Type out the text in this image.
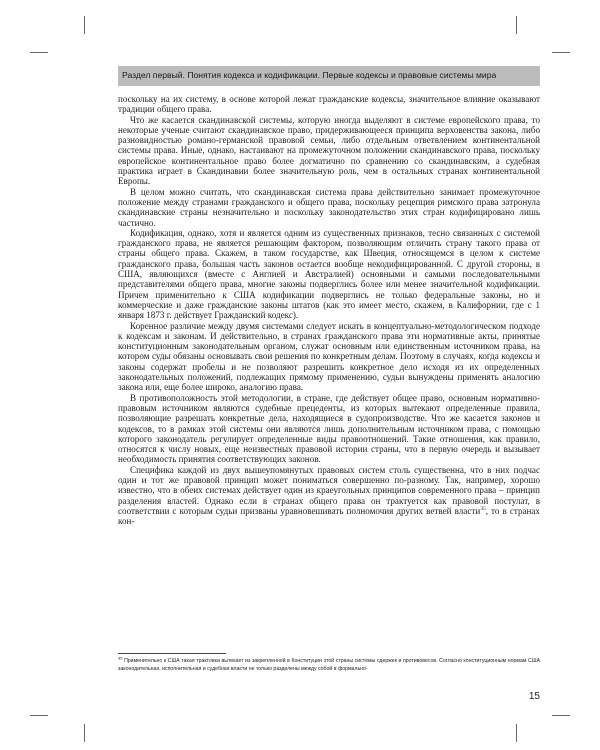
Раздел первый. Понятия кодекса и кодификации. Первые кодексы и правовые системы мира

поскольку на их систему, в основе которой лежат гражданские кодексы, значительное влияние оказывают традиции общего права.

Что же касается скандинавской системы, которую иногда выделяют в системе европейского права, то некоторые ученые считают скандинавское право, придерживающееся принципа верховенства закона, либо разновидностью романо-германской правовой семьи, либо отдельным ответвлением континентальной системы права. Иные, однако, настаивают на промежуточном положении скандинавского права, поскольку европейское континентальное право более догматично по сравнению со скандинавским, а судебная практика играет в Скандинавии более значительную роль, чем в остальных странах континентальной Европы.

В целом можно считать, что скандинавская система права действительно занимает промежуточное положение между странами гражданского и общего права, поскольку рецепция римского права затронула скандинавские страны незначительно и поскольку законодательство этих стран кодифицировано лишь частично.

Кодификация, однако, хотя и является одним из существенных признаков, тесно связанных с системой гражданского права, не является решающим фактором, позволяющим отличить страну такого права от страны общего права. Скажем, в таком государстве, как Швеция, относящемся в целом к системе гражданского права, большая часть законов остается вообще некодифицированной. С другой стороны, в США, являющихся (вместе с Англией и Австралией) основными и самыми последовательными представителями общего права, многие законы подверглись более или менее значительной кодификации. Причем применительно к США кодификации подверглись не только федеральные законы, но и коммерческие и даже гражданские законы штатов (как это имеет место, скажем, в Калифорнии, где с 1 января 1873 г. действует Гражданский кодекс).

Коренное различие между двумя системами следует искать в концептуально-методологическом подходе к кодексам и законам. И действительно, в странах гражданского права эти нормативные акты, принятые конституционным законодательным органом, служат основным или единственным источником права, на котором суды обязаны основывать свои решения по конкретным делам. Поэтому в случаях, когда кодексы и законы содержат пробелы и не позволяют разрешить конкретное дело исходя из их определенных законодательных положений, подлежащих прямому применению, судьи вынуждены применять аналогию закона или, еще более широко, аналогию права.

В противоположность этой методологии, в стране, где действует общее право, основным нормативно-правовым источником являются судебные прецеденты, из которых вытекают определенные правила, позволяющие разрешать конкретные дела, находящиеся в судопроизводстве. Что же касается законов и кодексов, то в рамках этой системы они являются лишь дополнительным источником права, с помощью которого законодатель регулирует определенные виды правоотношений. Такие отношения, как правило, относятся к числу новых, еще неизвестных правовой истории страны, что в первую очередь и вызывает необходимость принятия соответствующих законов.

Специфика каждой из двух вышеупомянутых правовых систем столь существенна, что в них подчас один и тот же правовой принцип может пониматься совершенно по-разному. Так, например, хорошо известно, что в обеих системах действует один из краеугольных принципов современного права – принцип разделения властей. Однако если в странах общего права он трактуется как правовой постулат, в соответствии с которым судьи призваны уравновешивать полномочия других ветвей власти$^{35}$, то в странах кон-

$^{35}$ Применительно к США такая трактовка вытекает из закрепленной в Конституции этой страны системы сдержек и противовесов. Согласно конституционным нормам США законодательная, исполнительная и судебная власти не только разделены между собой в формально-
15
